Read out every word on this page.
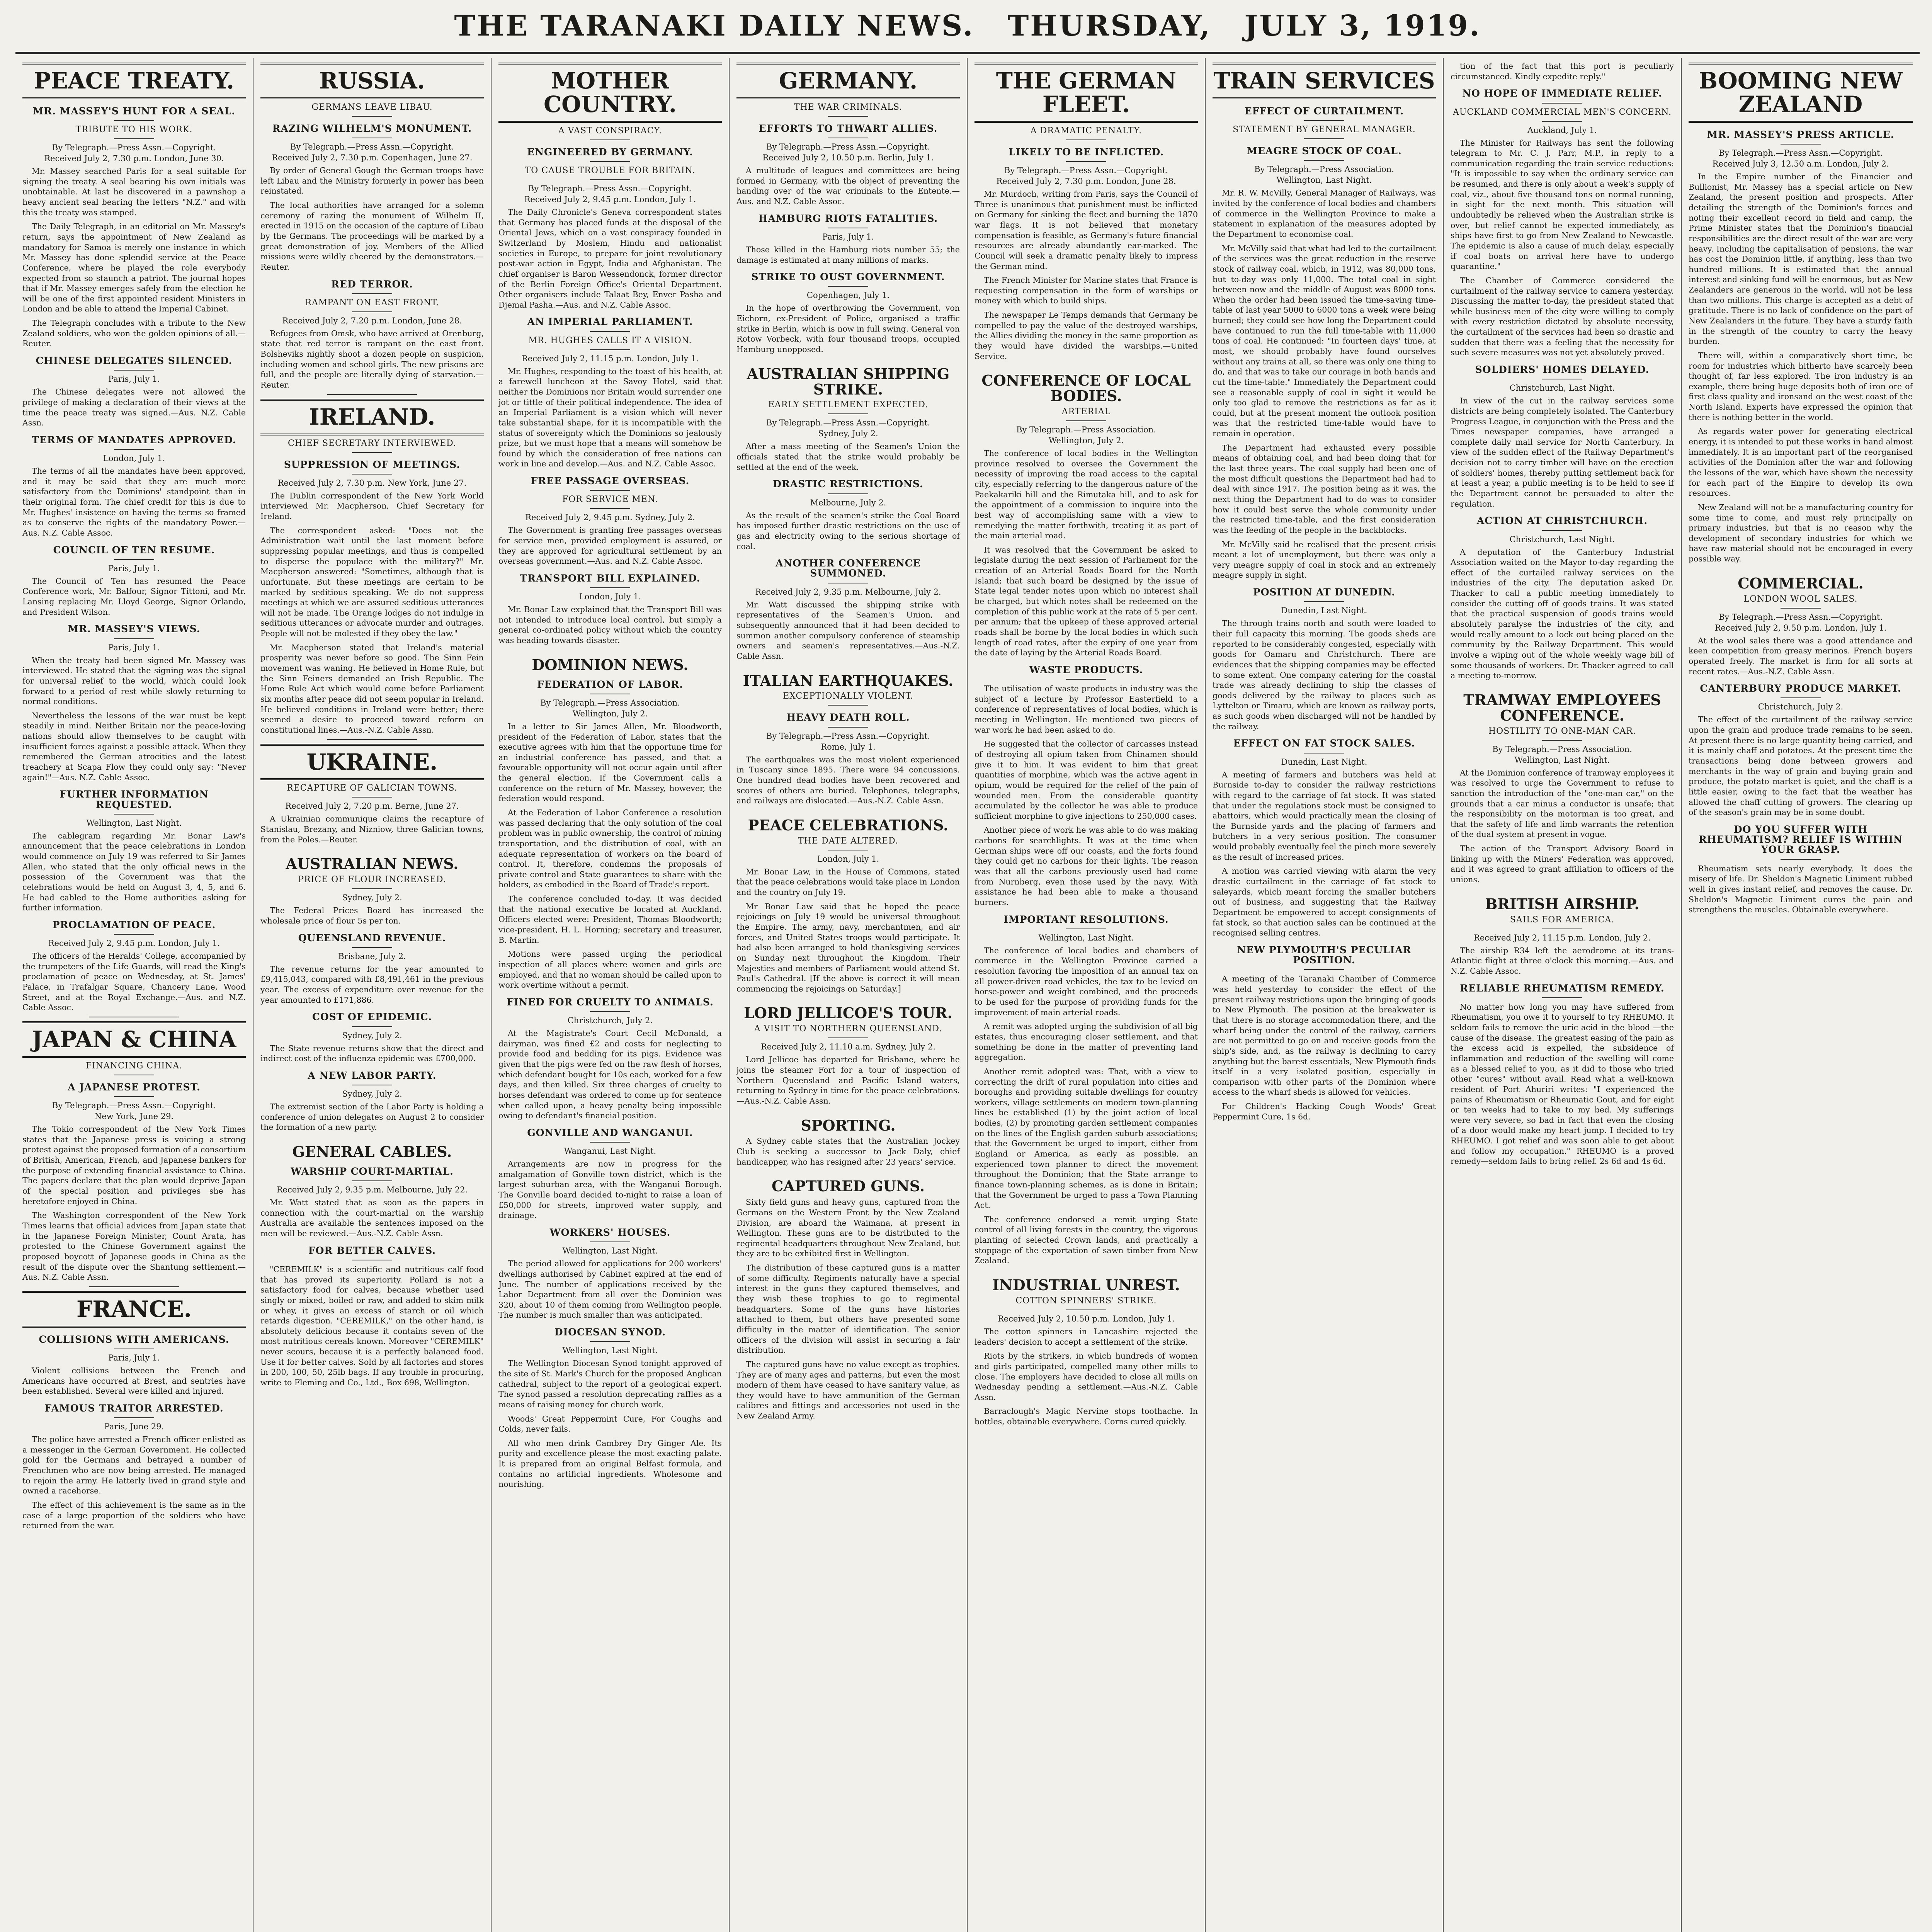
THE TARANAKI DAILY NEWS. THURSDAY, JULY 3, 1919.
PEACE TREATY.
MR. MASSEY'S HUNT FOR A SEAL.
TRIBUTE TO HIS WORK.
By Telegraph.—Press Assn.—Copyright.
Received July 2, 7.30 p.m. London, June 30.

Mr. Massey searched Paris for a seal suitable for signing the treaty. A seal bearing his own initials was unobtainable. At last he discovered in a pawnshop a heavy ancient seal bearing the letters "N.Z." and with this the treaty was stamped.

The Daily Telegraph, in an editorial on Mr. Massey's return, says the appointment of New Zealand as mandatory for Samoa is merely one instance in which Mr. Massey has done splendid service at the Peace Conference, where he played the role everybody expected from so staunch a patriot. The journal hopes that if Mr. Massey emerges safely from the election he will be one of the first appointed resident Ministers in London and be able to attend the Imperial Cabinet.

The Telegraph concludes with a tribute to the New Zealand soldiers, who won the golden opinions of all.—Reuter.

CHINESE DELEGATES SILENCED.
Paris, July 1.

The Chinese delegates were not allowed the privilege of making a declaration of their views at the time the peace treaty was signed.—Aus. N.Z. Cable Assn.

TERMS OF MANDATES APPROVED.
London, July 1.

The terms of all the mandates have been approved, and it may be said that they are much more satisfactory from the Dominions' standpoint than in their original form. The chief credit for this is due to Mr. Hughes' insistence on having the terms so framed as to conserve the rights of the mandatory Power.—Aus. N.Z. Cable Assoc.

COUNCIL OF TEN RESUME.
Paris, July 1.

The Council of Ten has resumed the Peace Conference work, Mr. Balfour, Signor Tittoni, and Mr. Lansing replacing Mr. Lloyd George, Signor Orlando, and President Wilson.

MR. MASSEY'S VIEWS.
Paris, July 1.

When the treaty had been signed Mr. Massey was interviewed. He stated that the signing was the signal for universal relief to the world, which could look forward to a period of rest while slowly returning to normal conditions.

Nevertheless the lessons of the war must be kept steadily in mind. Neither Britain nor the peace-loving nations should allow themselves to be caught with insufficient forces against a possible attack. When they remembered the German atrocities and the latest treachery at Scapa Flow they could only say: "Never again!"—Aus. N.Z. Cable Assoc.

FURTHER INFORMATION REQUESTED.
Wellington, Last Night.

The cablegram regarding Mr. Bonar Law's announcement that the peace celebrations in London would commence on July 19 was referred to Sir James Allen, who stated that the only official news in the possession of the Government was that the celebrations would be held on August 3, 4, 5, and 6. He had cabled to the Home authorities asking for further information.

PROCLAMATION OF PEACE.
Received July 2, 9.45 p.m. London, July 1.

The officers of the Heralds' College, accompanied by the trumpeters of the Life Guards, will read the King's proclamation of peace on Wednesday, at St. James' Palace, in Trafalgar Square, Chancery Lane, Wood Street, and at the Royal Exchange.—Aus. and N.Z. Cable Assoc.

JAPAN & CHINA
FINANCING CHINA.
A JAPANESE PROTEST.
By Telegraph.—Press Assn.—Copyright.
New York, June 29.

The Tokio correspondent of the New York Times states that the Japanese press is voicing a strong protest against the proposed formation of a consortium of British, American, French, and Japanese bankers for the purpose of extending financial assistance to China. The papers declare that the plan would deprive Japan of the special position and privileges she has heretofore enjoyed in China.

The Washington correspondent of the New York Times learns that official advices from Japan state that in the Japanese Foreign Minister, Count Arata, has protested to the Chinese Government against the proposed boycott of Japanese goods in China as the result of the dispute over the Shantung settlement.—Aus. N.Z. Cable Assn.

FRANCE.
COLLISIONS WITH AMERICANS.
Paris, July 1.

Violent collisions between the French and Americans have occurred at Brest, and sentries have been established. Several were killed and injured.

FAMOUS TRAITOR ARRESTED.
Paris, June 29.

The police have arrested a French officer enlisted as a messenger in the German Government. He collected gold for the Germans and betrayed a number of Frenchmen who are now being arrested. He managed to rejoin the army. He latterly lived in grand style and owned a racehorse.

The effect of this achievement is the same as in the case of a large proportion of the soldiers who have returned from the war.

RUSSIA.
GERMANS LEAVE LIBAU.
RAZING WILHELM'S MONUMENT.
By Telegraph.—Press Assn.—Copyright.
Received July 2, 7.30 p.m. Copenhagen, June 27.

By order of General Gough the German troops have left Libau and the Ministry formerly in power has been reinstated.

The local authorities have arranged for a solemn ceremony of razing the monument of Wilhelm II, erected in 1915 on the occasion of the capture of Libau by the Germans. The proceedings will be marked by a great demonstration of joy. Members of the Allied missions were wildly cheered by the demonstrators.—Reuter.

RED TERROR.
RAMPANT ON EAST FRONT.
Received July 2, 7.20 p.m. London, June 28.

Refugees from Omsk, who have arrived at Orenburg, state that red terror is rampant on the east front. Bolsheviks nightly shoot a dozen people on suspicion, including women and school girls. The new prisons are full, and the people are literally dying of starvation.—Reuter.

IRELAND.
CHIEF SECRETARY INTERVIEWED.
SUPPRESSION OF MEETINGS.
Received July 2, 7.30 p.m. New York, June 27.

The Dublin correspondent of the New York World interviewed Mr. Macpherson, Chief Secretary for Ireland.

The correspondent asked: "Does not the Administration wait until the last moment before suppressing popular meetings, and thus is compelled to disperse the populace with the military?" Mr. Macpherson answered: "Sometimes, although that is unfortunate. But these meetings are certain to be marked by seditious speaking. We do not suppress meetings at which we are assured seditious utterances will not be made. The Orange lodges do not indulge in seditious utterances or advocate murder and outrages. People will not be molested if they obey the law."

Mr. Macpherson stated that Ireland's material prosperity was never before so good. The Sinn Fein movement was waning. He believed in Home Rule, but the Sinn Feiners demanded an Irish Republic. The Home Rule Act which would come before Parliament six months after peace did not seem popular in Ireland. He believed conditions in Ireland were better; there seemed a desire to proceed toward reform on constitutional lines.—Aus.-N.Z. Cable Assn.

UKRAINE.
RECAPTURE OF GALICIAN TOWNS.
Received July 2, 7.20 p.m. Berne, June 27.

A Ukrainian communique claims the recapture of Stanislau, Brezany, and Nizniow, three Galician towns, from the Poles.—Reuter.

AUSTRALIAN NEWS.
PRICE OF FLOUR INCREASED.
Sydney, July 2.

The Federal Prices Board has increased the wholesale price of flour 5s per ton.

QUEENSLAND REVENUE.
Brisbane, July 2.

The revenue returns for the year amounted to £9,415,043, compared with £8,491,461 in the previous year. The excess of expenditure over revenue for the year amounted to £171,886.

COST OF EPIDEMIC.
Sydney, July 2.

The State revenue returns show that the direct and indirect cost of the influenza epidemic was £700,000.

A NEW LABOR PARTY.
Sydney, July 2.

The extremist section of the Labor Party is holding a conference of union delegates on August 2 to consider the formation of a new party.

GENERAL CABLES.
WARSHIP COURT-MARTIAL.
Received July 2, 9.35 p.m. Melbourne, July 22.

Mr. Watt stated that as soon as the papers in connection with the court-martial on the warship Australia are available the sentences imposed on the men will be reviewed.—Aus.-N.Z. Cable Assn.

FOR BETTER CALVES.

"CEREMILK" is a scientific and nutritious calf food that has proved its superiority. Pollard is not a satisfactory food for calves, because whether used singly or mixed, boiled or raw, and added to skim milk or whey, it gives an excess of starch or oil which retards digestion. "CEREMILK," on the other hand, is absolutely delicious because it contains seven of the most nutritious cereals known. Moreover "CEREMILK" never scours, because it is a perfectly balanced food. Use it for better calves. Sold by all factories and stores in 200, 100, 50, 25lb bags. If any trouble in procuring, write to Fleming and Co., Ltd., Box 698, Wellington.

MOTHER COUNTRY.
A VAST CONSPIRACY.
ENGINEERED BY GERMANY.
TO CAUSE TROUBLE FOR BRITAIN.
By Telegraph.—Press Assn.—Copyright.
Received July 2, 9.45 p.m. London, July 1.

The Daily Chronicle's Geneva correspondent states that Germany has placed funds at the disposal of the Oriental Jews, which on a vast conspiracy founded in Switzerland by Moslem, Hindu and nationalist societies in Europe, to prepare for joint revolutionary post-war action in Egypt, India and Afghanistan. The chief organiser is Baron Wessendonck, former director of the Berlin Foreign Office's Oriental Department. Other organisers include Talaat Bey, Enver Pasha and Djemal Pasha.—Aus. and N.Z. Cable Assoc.

AN IMPERIAL PARLIAMENT.
MR. HUGHES CALLS IT A VISION.
Received July 2, 11.15 p.m. London, July 1.

Mr. Hughes, responding to the toast of his health, at a farewell luncheon at the Savoy Hotel, said that neither the Dominions nor Britain would surrender one jot or tittle of their political independence. The idea of an Imperial Parliament is a vision which will never take substantial shape, for it is incompatible with the status of sovereignty which the Dominions so jealously prize, but we must hope that a means will somehow be found by which the consideration of free nations can work in line and develop.—Aus. and N.Z. Cable Assoc.

FREE PASSAGE OVERSEAS.
FOR SERVICE MEN.
Received July 2, 9.45 p.m. Sydney, July 2.

The Government is granting free passages overseas for service men, provided employment is assured, or they are approved for agricultural settlement by an overseas government.—Aus. and N.Z. Cable Assoc.

TRANSPORT BILL EXPLAINED.
London, July 1.

Mr. Bonar Law explained that the Transport Bill was not intended to introduce local control, but simply a general co-ordinated policy without which the country was heading towards disaster.

DOMINION NEWS.
FEDERATION OF LABOR.
By Telegraph.—Press Association.
Wellington, July 2.

In a letter to Sir James Allen, Mr. Bloodworth, president of the Federation of Labor, states that the executive agrees with him that the opportune time for an industrial conference has passed, and that a favourable opportunity will not occur again until after the general election. If the Government calls a conference on the return of Mr. Massey, however, the federation would respond.

At the Federation of Labor Conference a resolution was passed declaring that the only solution of the coal problem was in public ownership, the control of mining transportation, and the distribution of coal, with an adequate representation of workers on the board of control. It, therefore, condemns the proposals of private control and State guarantees to share with the holders, as embodied in the Board of Trade's report.

The conference concluded to-day. It was decided that the national executive be located at Auckland. Officers elected were: President, Thomas Bloodworth; vice-president, H. L. Horning; secretary and treasurer, B. Martin.

Motions were passed urging the periodical inspection of all places where women and girls are employed, and that no woman should be called upon to work overtime without a permit.

FINED FOR CRUELTY TO ANIMALS.
Christchurch, July 2.

At the Magistrate's Court Cecil McDonald, a dairyman, was fined £2 and costs for neglecting to provide food and bedding for its pigs. Evidence was given that the pigs were fed on the raw flesh of horses, which defendant bought for 10s each, worked for a few days, and then killed. Six three charges of cruelty to horses defendant was ordered to come up for sentence when called upon, a heavy penalty being impossible owing to defendant's financial position.

GONVILLE AND WANGANUI.
Wanganui, Last Night.

Arrangements are now in progress for the amalgamation of Gonville town district, which is the largest suburban area, with the Wanganui Borough. The Gonville board decided to-night to raise a loan of £50,000 for streets, improved water supply, and drainage.

WORKERS' HOUSES.
Wellington, Last Night.

The period allowed for applications for 200 workers' dwellings authorised by Cabinet expired at the end of June. The number of applications received by the Labor Department from all over the Dominion was 320, about 10 of them coming from Wellington people. The number is much smaller than was anticipated.

DIOCESAN SYNOD.
Wellington, Last Night.

The Wellington Diocesan Synod tonight approved of the site of St. Mark's Church for the proposed Anglican cathedral, subject to the report of a geological expert. The synod passed a resolution deprecating raffles as a means of raising money for church work.

Woods' Great Peppermint Cure, For Coughs and Colds, never fails.

All who men drink Cambrey Dry Ginger Ale. Its purity and excellence please the most exacting palate. It is prepared from an original Belfast formula, and contains no artificial ingredients. Wholesome and nourishing.

GERMANY.
THE WAR CRIMINALS.
EFFORTS TO THWART ALLIES.
By Telegraph.—Press Assn.—Copyright.
Received July 2, 10.50 p.m. Berlin, July 1.

A multitude of leagues and committees are being formed in Germany, with the object of preventing the handing over of the war criminals to the Entente.—Aus. and N.Z. Cable Assoc.

HAMBURG RIOTS FATALITIES.
Paris, July 1.

Those killed in the Hamburg riots number 55; the damage is estimated at many millions of marks.

STRIKE TO OUST GOVERNMENT.
Copenhagen, July 1.

In the hope of overthrowing the Government, von Eichorn, ex-President of Police, organised a traffic strike in Berlin, which is now in full swing. General von Rotow Vorbeck, with four thousand troops, occupied Hamburg unopposed.

AUSTRALIAN SHIPPING STRIKE.
EARLY SETTLEMENT EXPECTED.
By Telegraph.—Press Assn.—Copyright.
Sydney, July 2.

After a mass meeting of the Seamen's Union the officials stated that the strike would probably be settled at the end of the week.

DRASTIC RESTRICTIONS.
Melbourne, July 2.

As the result of the seamen's strike the Coal Board has imposed further drastic restrictions on the use of gas and electricity owing to the serious shortage of coal.

ANOTHER CONFERENCE SUMMONED.
Received July 2, 9.35 p.m. Melbourne, July 2.

Mr. Watt discussed the shipping strike with representatives of the Seamen's Union, and subsequently announced that it had been decided to summon another compulsory conference of steamship owners and seamen's representatives.—Aus.-N.Z. Cable Assn.

ITALIAN EARTHQUAKES.
EXCEPTIONALLY VIOLENT.
HEAVY DEATH ROLL.
By Telegraph.—Press Assn.—Copyright.
Rome, July 1.

The earthquakes was the most violent experienced in Tuscany since 1895. There were 94 concussions. One hundred dead bodies have been recovered and scores of others are buried. Telephones, telegraphs, and railways are dislocated.—Aus.-N.Z. Cable Assn.

PEACE CELEBRATIONS.
THE DATE ALTERED.
London, July 1.

Mr. Bonar Law, in the House of Commons, stated that the peace celebrations would take place in London and the country on July 19.

Mr Bonar Law said that he hoped the peace rejoicings on July 19 would be universal throughout the Empire. The army, navy, merchantmen, and air forces, and United States troops would participate. It had also been arranged to hold thanksgiving services on Sunday next throughout the Kingdom. Their Majesties and members of Parliament would attend St. Paul's Cathedral. [If the above is correct it will mean commencing the rejoicings on Saturday.]

LORD JELLICOE'S TOUR.
A VISIT TO NORTHERN QUEENSLAND.
Received July 2, 11.10 a.m. Sydney, July 2.

Lord Jellicoe has departed for Brisbane, where he joins the steamer Fort for a tour of inspection of Northern Queensland and Pacific Island waters, returning to Sydney in time for the peace celebrations.—Aus.-N.Z. Cable Assn.

SPORTING.

A Sydney cable states that the Australian Jockey Club is seeking a successor to Jack Daly, chief handicapper, who has resigned after 23 years' service.

CAPTURED GUNS.

Sixty field guns and heavy guns, captured from the Germans on the Western Front by the New Zealand Division, are aboard the Waimana, at present in Wellington. These guns are to be distributed to the regimental headquarters throughout New Zealand, but they are to be exhibited first in Wellington.

The distribution of these captured guns is a matter of some difficulty. Regiments naturally have a special interest in the guns they captured themselves, and they wish these trophies to go to regimental headquarters. Some of the guns have histories attached to them, but others have presented some difficulty in the matter of identification. The senior officers of the division will assist in securing a fair distribution.

The captured guns have no value except as trophies. They are of many ages and patterns, but even the most modern of them have ceased to have sanitary value, as they would have to have ammunition of the German calibres and fittings and accessories not used in the New Zealand Army.

THE GERMAN FLEET.
A DRAMATIC PENALTY.
LIKELY TO BE INFLICTED.
By Telegraph.—Press Assn.—Copyright.
Received July 2, 7.30 p.m. London, June 28.

Mr. Murdoch, writing from Paris, says the Council of Three is unanimous that punishment must be inflicted on Germany for sinking the fleet and burning the 1870 war flags. It is not believed that monetary compensation is feasible, as Germany's future financial resources are already abundantly ear-marked. The Council will seek a dramatic penalty likely to impress the German mind.

The French Minister for Marine states that France is requesting compensation in the form of warships or money with which to build ships.

The newspaper Le Temps demands that Germany be compelled to pay the value of the destroyed warships, the Allies dividing the money in the same proportion as they would have divided the warships.—United Service.

CONFERENCE OF LOCAL BODIES.
ARTERIAL
By Telegraph.—Press Association.
Wellington, July 2.

The conference of local bodies in the Wellington province resolved to oversee the Government the necessity of improving the road access to the capital city, especially referring to the dangerous nature of the Paekakariki hill and the Rimutaka hill, and to ask for the appointment of a commission to inquire into the best way of accomplishing same with a view to remedying the matter forthwith, treating it as part of the main arterial road.

It was resolved that the Government be asked to legislate during the next session of Parliament for the creation of an Arterial Roads Board for the North Island; that such board be designed by the issue of State legal tender notes upon which no interest shall be charged, but which notes shall be redeemed on the completion of this public work at the rate of 5 per cent. per annum; that the upkeep of these approved arterial roads shall be borne by the local bodies in which such length of road rates, after the expiry of one year from the date of laying by the Arterial Roads Board.

WASTE PRODUCTS.

The utilisation of waste products in industry was the subject of a lecture by Professor Easterfield to a conference of representatives of local bodies, which is meeting in Wellington. He mentioned two pieces of war work he had been asked to do.

He suggested that the collector of carcasses instead of destroying all opium taken from Chinamen should give it to him. It was evident to him that great quantities of morphine, which was the active agent in opium, would be required for the relief of the pain of wounded men. From the considerable quantity accumulated by the collector he was able to produce sufficient morphine to give injections to 250,000 cases.

Another piece of work he was able to do was making carbons for searchlights. It was at the time when German ships were off our coasts, and the forts found they could get no carbons for their lights. The reason was that all the carbons previously used had come from Nurnberg, even those used by the navy. With assistance he had been able to make a thousand burners.

IMPORTANT RESOLUTIONS.
Wellington, Last Night.

The conference of local bodies and chambers of commerce in the Wellington Province carried a resolution favoring the imposition of an annual tax on all power-driven road vehicles, the tax to be levied on horse-power and weight combined, and the proceeds to be used for the purpose of providing funds for the improvement of main arterial roads.

A remit was adopted urging the subdivision of all big estates, thus encouraging closer settlement, and that something be done in the matter of preventing land aggregation.

Another remit adopted was: That, with a view to correcting the drift of rural population into cities and boroughs and providing suitable dwellings for country workers, village settlements on modern town-planning lines be established (1) by the joint action of local bodies, (2) by promoting garden settlement companies on the lines of the English garden suburb associations; that the Government be urged to import, either from England or America, as early as possible, an experienced town planner to direct the movement throughout the Dominion; that the State arrange to finance town-planning schemes, as is done in Britain; that the Government be urged to pass a Town Planning Act.

The conference endorsed a remit urging State control of all living forests in the country, the vigorous planting of selected Crown lands, and practically a stoppage of the exportation of sawn timber from New Zealand.

INDUSTRIAL UNREST.
COTTON SPINNERS' STRIKE.
Received July 2, 10.50 p.m. London, July 1.

The cotton spinners in Lancashire rejected the leaders' decision to accept a settlement of the strike.

Riots by the strikers, in which hundreds of women and girls participated, compelled many other mills to close. The employers have decided to close all mills on Wednesday pending a settlement.—Aus.-N.Z. Cable Assn.

Barraclough's Magic Nervine stops toothache. In bottles, obtainable everywhere. Corns cured quickly.

TRAIN SERVICES
EFFECT OF CURTAILMENT.
STATEMENT BY GENERAL MANAGER.
MEAGRE STOCK OF COAL.
By Telegraph.—Press Association.
Wellington, Last Night.

Mr. R. W. McVilly, General Manager of Railways, was invited by the conference of local bodies and chambers of commerce in the Wellington Province to make a statement in explanation of the measures adopted by the Department to economise coal.

Mr. McVilly said that what had led to the curtailment of the services was the great reduction in the reserve stock of railway coal, which, in 1912, was 80,000 tons, but to-day was only 11,000. The total coal in sight between now and the middle of August was 8000 tons. When the order had been issued the time-saving time-table of last year 5000 to 6000 tons a week were being burned; they could see how long the Department could have continued to run the full time-table with 11,000 tons of coal. He continued: "In fourteen days' time, at most, we should probably have found ourselves without any trains at all, so there was only one thing to do, and that was to take our courage in both hands and cut the time-table." Immediately the Department could see a reasonable supply of coal in sight it would be only too glad to remove the restrictions as far as it could, but at the present moment the outlook position was that the restricted time-table would have to remain in operation.

The Department had exhausted every possible means of obtaining coal, and had been doing that for the last three years. The coal supply had been one of the most difficult questions the Department had had to deal with since 1917. The position being as it was, the next thing the Department had to do was to consider how it could best serve the whole community under the restricted time-table, and the first consideration was the feeding of the people in the backblocks.

Mr. McVilly said he realised that the present crisis meant a lot of unemployment, but there was only a very meagre supply of coal in stock and an extremely meagre supply in sight.

POSITION AT DUNEDIN.
Dunedin, Last Night.

The through trains north and south were loaded to their full capacity this morning. The goods sheds are reported to be considerably congested, especially with goods for Oamaru and Christchurch. There are evidences that the shipping companies may be effected to some extent. One company catering for the coastal trade was already declining to ship the classes of goods delivered by the railway to places such as Lyttelton or Timaru, which are known as railway ports, as such goods when discharged will not be handled by the railway.

EFFECT ON FAT STOCK SALES.
Dunedin, Last Night.

A meeting of farmers and butchers was held at Burnside to-day to consider the railway restrictions with regard to the carriage of fat stock. It was stated that under the regulations stock must be consigned to abattoirs, which would practically mean the closing of the Burnside yards and the placing of farmers and butchers in a very serious position. The consumer would probably eventually feel the pinch more severely as the result of increased prices.

A motion was carried viewing with alarm the very drastic curtailment in the carriage of fat stock to saleyards, which meant forcing the smaller butchers out of business, and suggesting that the Railway Department be empowered to accept consignments of fat stock, so that auction sales can be continued at the recognised selling centres.

NEW PLYMOUTH'S PECULIAR POSITION.

A meeting of the Taranaki Chamber of Commerce was held yesterday to consider the effect of the present railway restrictions upon the bringing of goods to New Plymouth. The position at the breakwater is that there is no storage accommodation there, and the wharf being under the control of the railway, carriers are not permitted to go on and receive goods from the ship's side, and, as the railway is declining to carry anything but the barest essentials, New Plymouth finds itself in a very isolated position, especially in comparison with other parts of the Dominion where access to the wharf sheds is allowed for vehicles.

For Children's Hacking Cough Woods' Great Peppermint Cure, 1s 6d.

tion of the fact that this port is peculiarly circumstanced. Kindly expedite reply."

NO HOPE OF IMMEDIATE RELIEF.
AUCKLAND COMMERCIAL MEN'S CONCERN.
Auckland, July 1.

The Minister for Railways has sent the following telegram to Mr. C. J. Parr, M.P., in reply to a communication regarding the train service reductions: "It is impossible to say when the ordinary service can be resumed, and there is only about a week's supply of coal, viz., about five thousand tons on normal running, in sight for the next month. This situation will undoubtedly be relieved when the Australian strike is over, but relief cannot be expected immediately, as ships have first to go from New Zealand to Newcastle. The epidemic is also a cause of much delay, especially if coal boats on arrival here have to undergo quarantine."

The Chamber of Commerce considered the curtailment of the railway service to camera yesterday. Discussing the matter to-day, the president stated that while business men of the city were willing to comply with every restriction dictated by absolute necessity, the curtailment of the services had been so drastic and sudden that there was a feeling that the necessity for such severe measures was not yet absolutely proved.

SOLDIERS' HOMES DELAYED.
Christchurch, Last Night.

In view of the cut in the railway services some districts are being completely isolated. The Canterbury Progress League, in conjunction with the Press and the Times newspaper companies, have arranged a complete daily mail service for North Canterbury. In view of the sudden effect of the Railway Department's decision not to carry timber will have on the erection of soldiers' homes, thereby putting settlement back for at least a year, a public meeting is to be held to see if the Department cannot be persuaded to alter the regulation.

ACTION AT CHRISTCHURCH.
Christchurch, Last Night.

A deputation of the Canterbury Industrial Association waited on the Mayor to-day regarding the effect of the curtailed railway services on the industries of the city. The deputation asked Dr. Thacker to call a public meeting immediately to consider the cutting off of goods trains. It was stated that the practical suspension of goods trains would absolutely paralyse the industries of the city, and would really amount to a lock out being placed on the community by the Railway Department. This would involve a wiping out of the whole weekly wage bill of some thousands of workers. Dr. Thacker agreed to call a meeting to-morrow.

TRAMWAY EMPLOYEES CONFERENCE.
HOSTILITY TO ONE-MAN CAR.
By Telegraph.—Press Association.
Wellington, Last Night.

At the Dominion conference of tramway employees it was resolved to urge the Government to refuse to sanction the introduction of the "one-man car," on the grounds that a car minus a conductor is unsafe; that the responsibility on the motorman is too great, and that the safety of life and limb warrants the retention of the dual system at present in vogue.

The action of the Transport Advisory Board in linking up with the Miners' Federation was approved, and it was agreed to grant affiliation to officers of the unions.

BRITISH AIRSHIP.
SAILS FOR AMERICA.
Received July 2, 11.15 p.m. London, July 2.

The airship R34 left the aerodrome at its trans-Atlantic flight at three o'clock this morning.—Aus. and N.Z. Cable Assoc.

RELIABLE RHEUMATISM REMEDY.

No matter how long you may have suffered from Rheumatism, you owe it to yourself to try RHEUMO. It seldom fails to remove the uric acid in the blood —the cause of the disease. The greatest easing of the pain as the excess acid is expelled, the subsidence of inflammation and reduction of the swelling will come as a blessed relief to you, as it did to those who tried other "cures" without avail. Read what a well-known resident of Port Ahuriri writes: "I experienced the pains of Rheumatism or Rheumatic Gout, and for eight or ten weeks had to take to my bed. My sufferings were very severe, so bad in fact that even the closing of a door would make my heart jump. I decided to try RHEUMO. I got relief and was soon able to get about and follow my occupation." RHEUMO is a proved remedy—seldom fails to bring relief. 2s 6d and 4s 6d.

BOOMING NEW ZEALAND
MR. MASSEY'S PRESS ARTICLE.
By Telegraph.—Press Assn.—Copyright.
Received July 3, 12.50 a.m. London, July 2.

In the Empire number of the Financier and Bullionist, Mr. Massey has a special article on New Zealand, the present position and prospects. After detailing the strength of the Dominion's forces and noting their excellent record in field and camp, the Prime Minister states that the Dominion's financial responsibilities are the direct result of the war are very heavy. Including the capitalisation of pensions, the war has cost the Dominion little, if anything, less than two hundred millions. It is estimated that the annual interest and sinking fund will be enormous, but as New Zealanders are generous in the world, will not be less than two millions. This charge is accepted as a debt of gratitude. There is no lack of confidence on the part of New Zealanders in the future. They have a sturdy faith in the strength of the country to carry the heavy burden.

There will, within a comparatively short time, be room for industries which hitherto have scarcely been thought of, far less explored. The iron industry is an example, there being huge deposits both of iron ore of first class quality and ironsand on the west coast of the North Island. Experts have expressed the opinion that there is nothing better in the world.

As regards water power for generating electrical energy, it is intended to put these works in hand almost immediately. It is an important part of the reorganised activities of the Dominion after the war and following the lessons of the war, which have shown the necessity for each part of the Empire to develop its own resources.

New Zealand will not be a manufacturing country for some time to come, and must rely principally on primary industries, but that is no reason why the development of secondary industries for which we have raw material should not be encouraged in every possible way.

COMMERCIAL.
LONDON WOOL SALES.
By Telegraph.—Press Assn.—Copyright.
Received July 2, 9.50 p.m. London, July 1.

At the wool sales there was a good attendance and keen competition from greasy merinos. French buyers operated freely. The market is firm for all sorts at recent rates.—Aus.-N.Z. Cable Assn.

CANTERBURY PRODUCE MARKET.
Christchurch, July 2.

The effect of the curtailment of the railway service upon the grain and produce trade remains to be seen. At present there is no large quantity being carried, and it is mainly chaff and potatoes. At the present time the transactions being done between growers and merchants in the way of grain and buying grain and produce, the potato market is quiet, and the chaff is a little easier, owing to the fact that the weather has allowed the chaff cutting of growers. The clearing up of the season's grain may be in some doubt.

DO YOU SUFFER WITH RHEUMATISM? RELIEF IS WITHIN YOUR GRASP.

Rheumatism sets nearly everybody. It does the misery of life. Dr. Sheldon's Magnetic Liniment rubbed well in gives instant relief, and removes the cause. Dr. Sheldon's Magnetic Liniment cures the pain and strengthens the muscles. Obtainable everywhere.
